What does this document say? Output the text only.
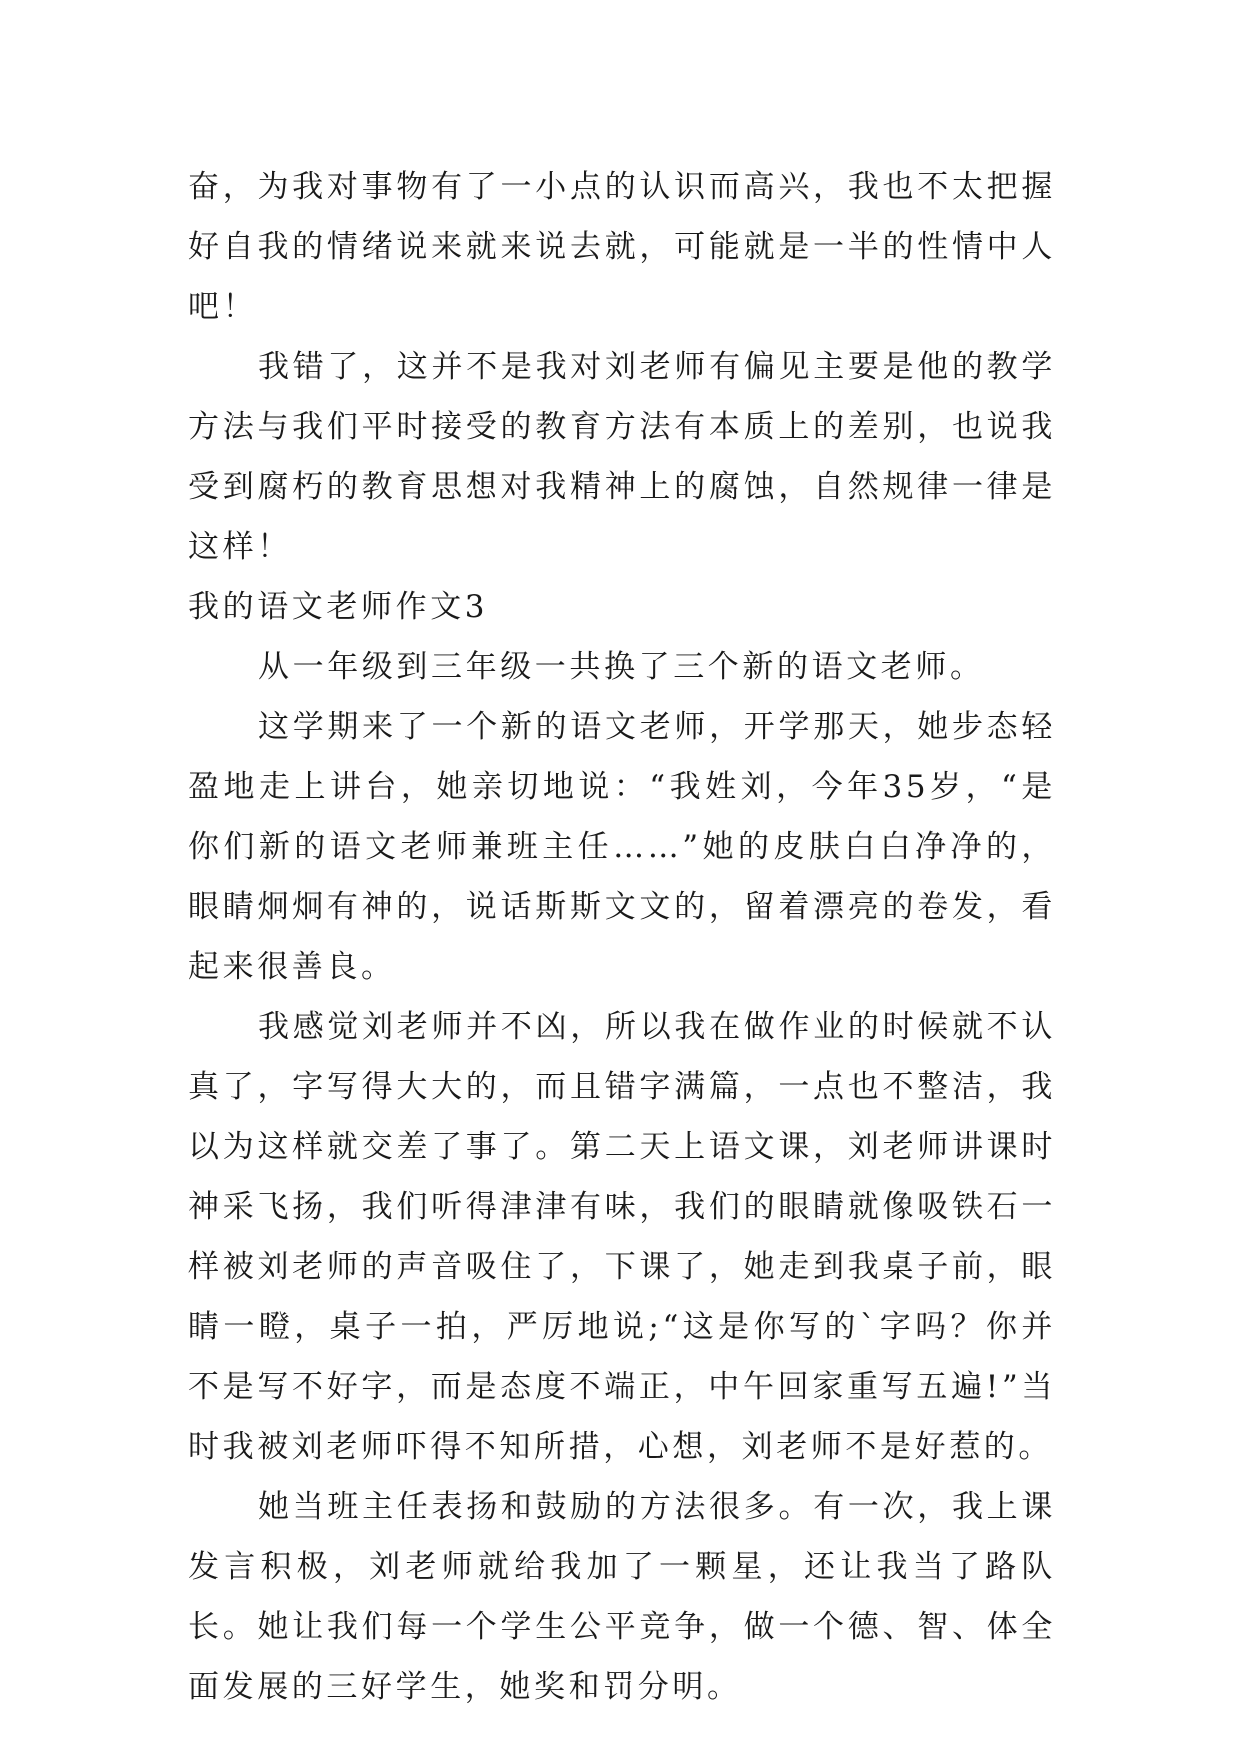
奋，为我对事物有了一小点的认识而高兴，我也不太把握好自我的情绪说来就来说去就，可能就是一半的性情中人吧！

我错了，这并不是我对刘老师有偏见主要是他的教学方法与我们平时接受的教育方法有本质上的差别，也说我受到腐朽的教育思想对我精神上的腐蚀，自然规律一律是这样！

我的语文老师作文3

从一年级到三年级一共换了三个新的语文老师。

这学期来了一个新的语文老师，开学那天，她步态轻盈地走上讲台，她亲切地说：“我姓刘，今年35岁，“是你们新的语文老师兼班主任……”她的皮肤白白净净的，眼睛炯炯有神的，说话斯斯文文的，留着漂亮的卷发，看起来很善良。

我感觉刘老师并不凶，所以我在做作业的时候就不认真了，字写得大大的，而且错字满篇，一点也不整洁，我以为这样就交差了事了。第二天上语文课，刘老师讲课时神采飞扬，我们听得津津有味，我们的眼睛就像吸铁石一样被刘老师的声音吸住了，下课了，她走到我桌子前，眼睛一瞪，桌子一拍，严厉地说;“这是你写的`字吗？你并不是写不好字，而是态度不端正，中午回家重写五遍!”当时我被刘老师吓得不知所措，心想，刘老师不是好惹的。

她当班主任表扬和鼓励的方法很多。有一次，我上课发言积极，刘老师就给我加了一颗星，还让我当了路队长。她让我们每一个学生公平竞争，做一个德、智、体全面发展的三好学生，她奖和罚分明。
